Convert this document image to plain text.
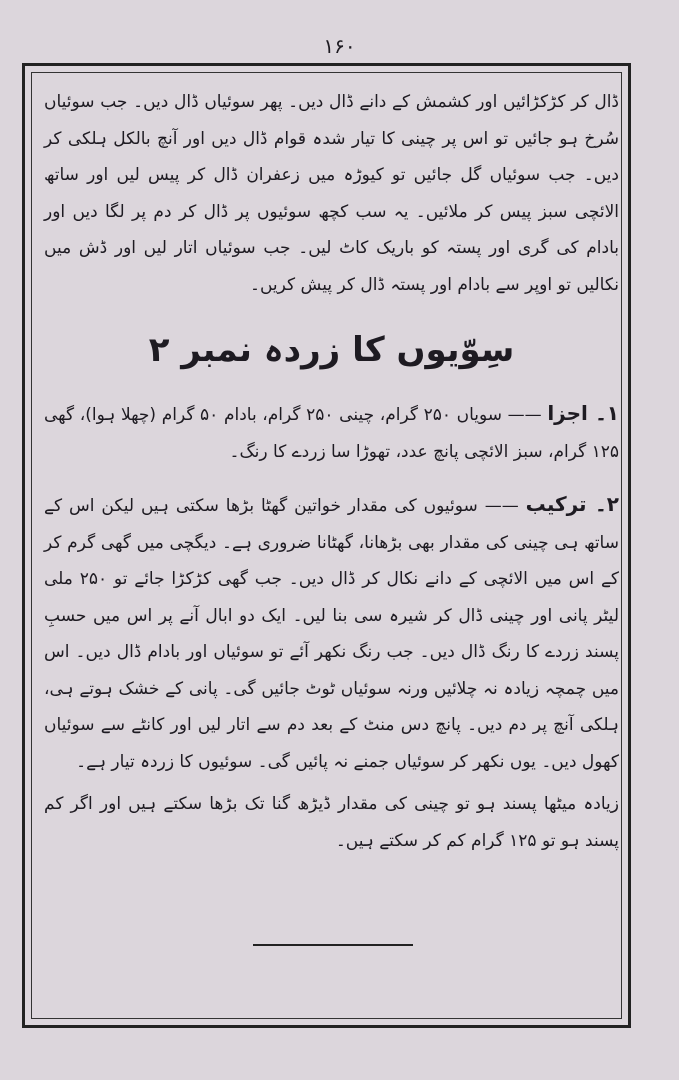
۱۶۰

ڈال کر کڑکڑائیں اور کشمش کے دانے ڈال دیں۔ پھر سوئیاں ڈال دیں۔ جب سوئیاں سُرخ ہو جائیں تو اس پر چینی کا تیار شدہ قوام ڈال دیں اور آنچ بالکل ہلکی کر دیں۔ جب سوئیاں گل جائیں تو کیوڑہ میں زعفران ڈال کر پیس لیں اور ساتھ الائچی سبز پیس کر ملائیں۔ یہ سب کچھ سوئیوں پر ڈال کر دم پر لگا دیں اور بادام کی گری اور پستہ کو باریک کاٹ لیں۔ جب سوئیاں اتار لیں اور ڈش میں نکالیں تو اوپر سے بادام اور پستہ ڈال کر پیش کریں۔

سِوّیوں کا زردہ نمبر ۲

۱۔ اجزا —— سویاں ۲۵۰ گرام، چینی ۲۵۰ گرام، بادام ۵۰ گرام (چھلا ہوا)، گھی ۱۲۵ گرام، سبز الائچی پانچ عدد، تھوڑا سا زردے کا رنگ۔

۲۔ ترکیب —— سوئیوں کی مقدار خواتین گھٹا بڑھا سکتی ہیں لیکن اس کے ساتھ ہی چینی کی مقدار بھی بڑھانا، گھٹانا ضروری ہے۔ دیگچی میں گھی گرم کر کے اس میں الائچی کے دانے نکال کر ڈال دیں۔ جب گھی کڑکڑا جائے تو ۲۵۰ ملی لیٹر پانی اور چینی ڈال کر شیرہ سی بنا لیں۔ ایک دو ابال آنے پر اس میں حسبِ پسند زردے کا رنگ ڈال دیں۔ جب رنگ نکھر آئے تو سوئیاں اور بادام ڈال دیں۔ اس میں چمچہ زیادہ نہ چلائیں ورنہ سوئیاں ٹوٹ جائیں گی۔ پانی کے خشک ہوتے ہی، ہلکی آنچ پر دم دیں۔ پانچ دس منٹ کے بعد دم سے اتار لیں اور کانٹے سے سوئیاں کھول دیں۔ یوں نکھر کر سوئیاں جمنے نہ پائیں گی۔ سوئیوں کا زردہ تیار ہے۔

زیادہ میٹھا پسند ہو تو چینی کی مقدار ڈیڑھ گنا تک بڑھا سکتے ہیں اور اگر کم پسند ہو تو ۱۲۵ گرام کم کر سکتے ہیں۔
